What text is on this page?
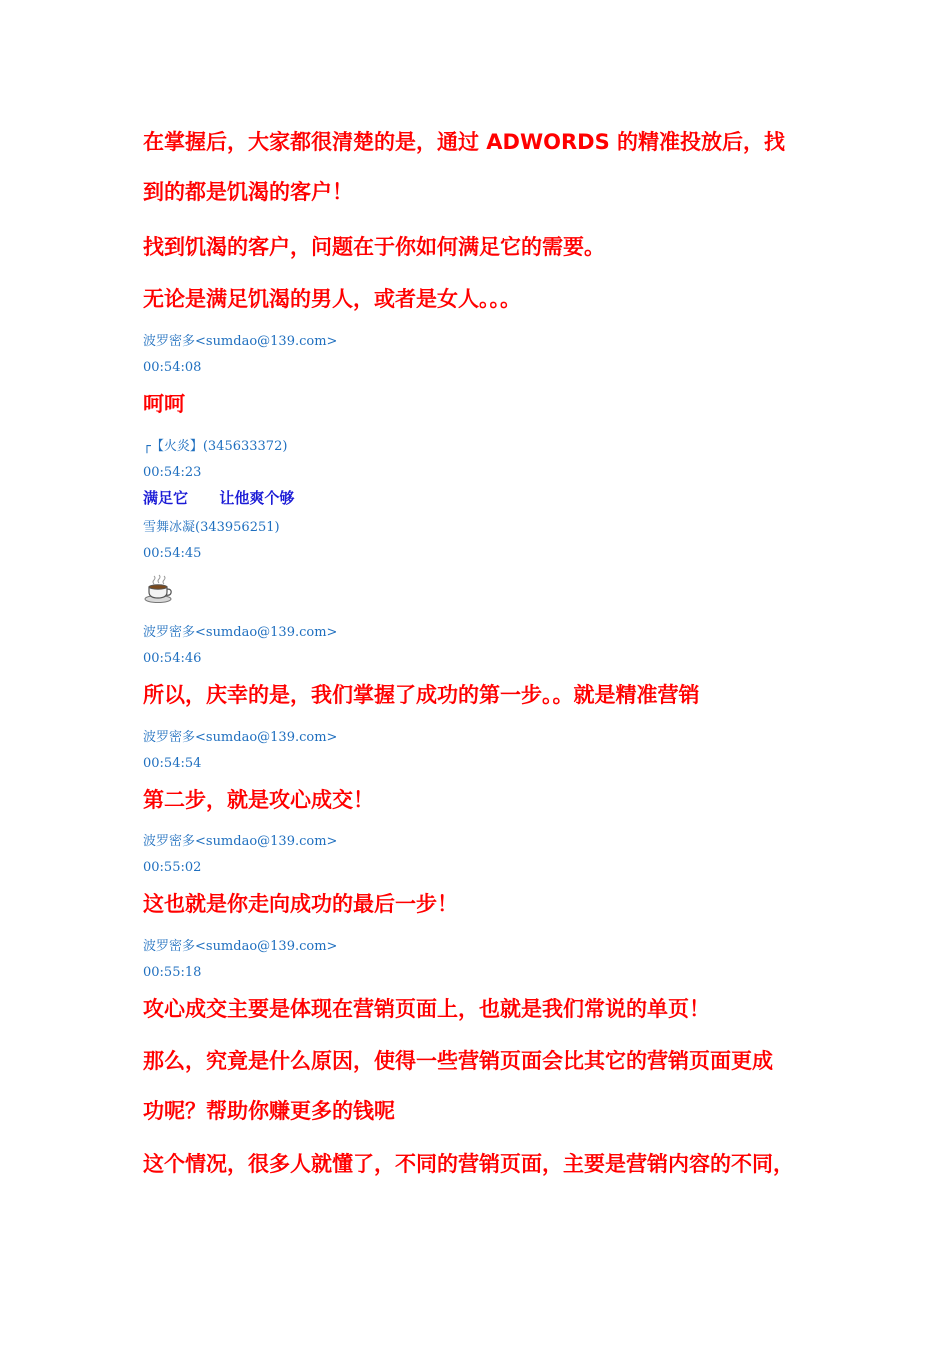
在掌握后，大家都很清楚的是，通过 ADWORDS 的精准投放后，找
到的都是饥渴的客户！
找到饥渴的客户，问题在于你如何满足它的需要。
无论是满足饥渴的男人，或者是女人。。。
波罗密多<sumdao@139.com>
00:54:08
呵呵
┌【火炎】(345633372)
00:54:23
满足它      让他爽个够
雪舞冰凝(343956251)
00:54:45
波罗密多<sumdao@139.com>
00:54:46
所以，庆幸的是，我们掌握了成功的第一步。。就是精准营销
波罗密多<sumdao@139.com>
00:54:54
第二步，就是攻心成交！
波罗密多<sumdao@139.com>
00:55:02
这也就是你走向成功的最后一步！
波罗密多<sumdao@139.com>
00:55:18
攻心成交主要是体现在营销页面上，也就是我们常说的单页！
那么，究竟是什么原因，使得一些营销页面会比其它的营销页面更成
功呢？帮助你赚更多的钱呢
这个情况，很多人就懂了，不同的营销页面，主要是营销内容的不同，
